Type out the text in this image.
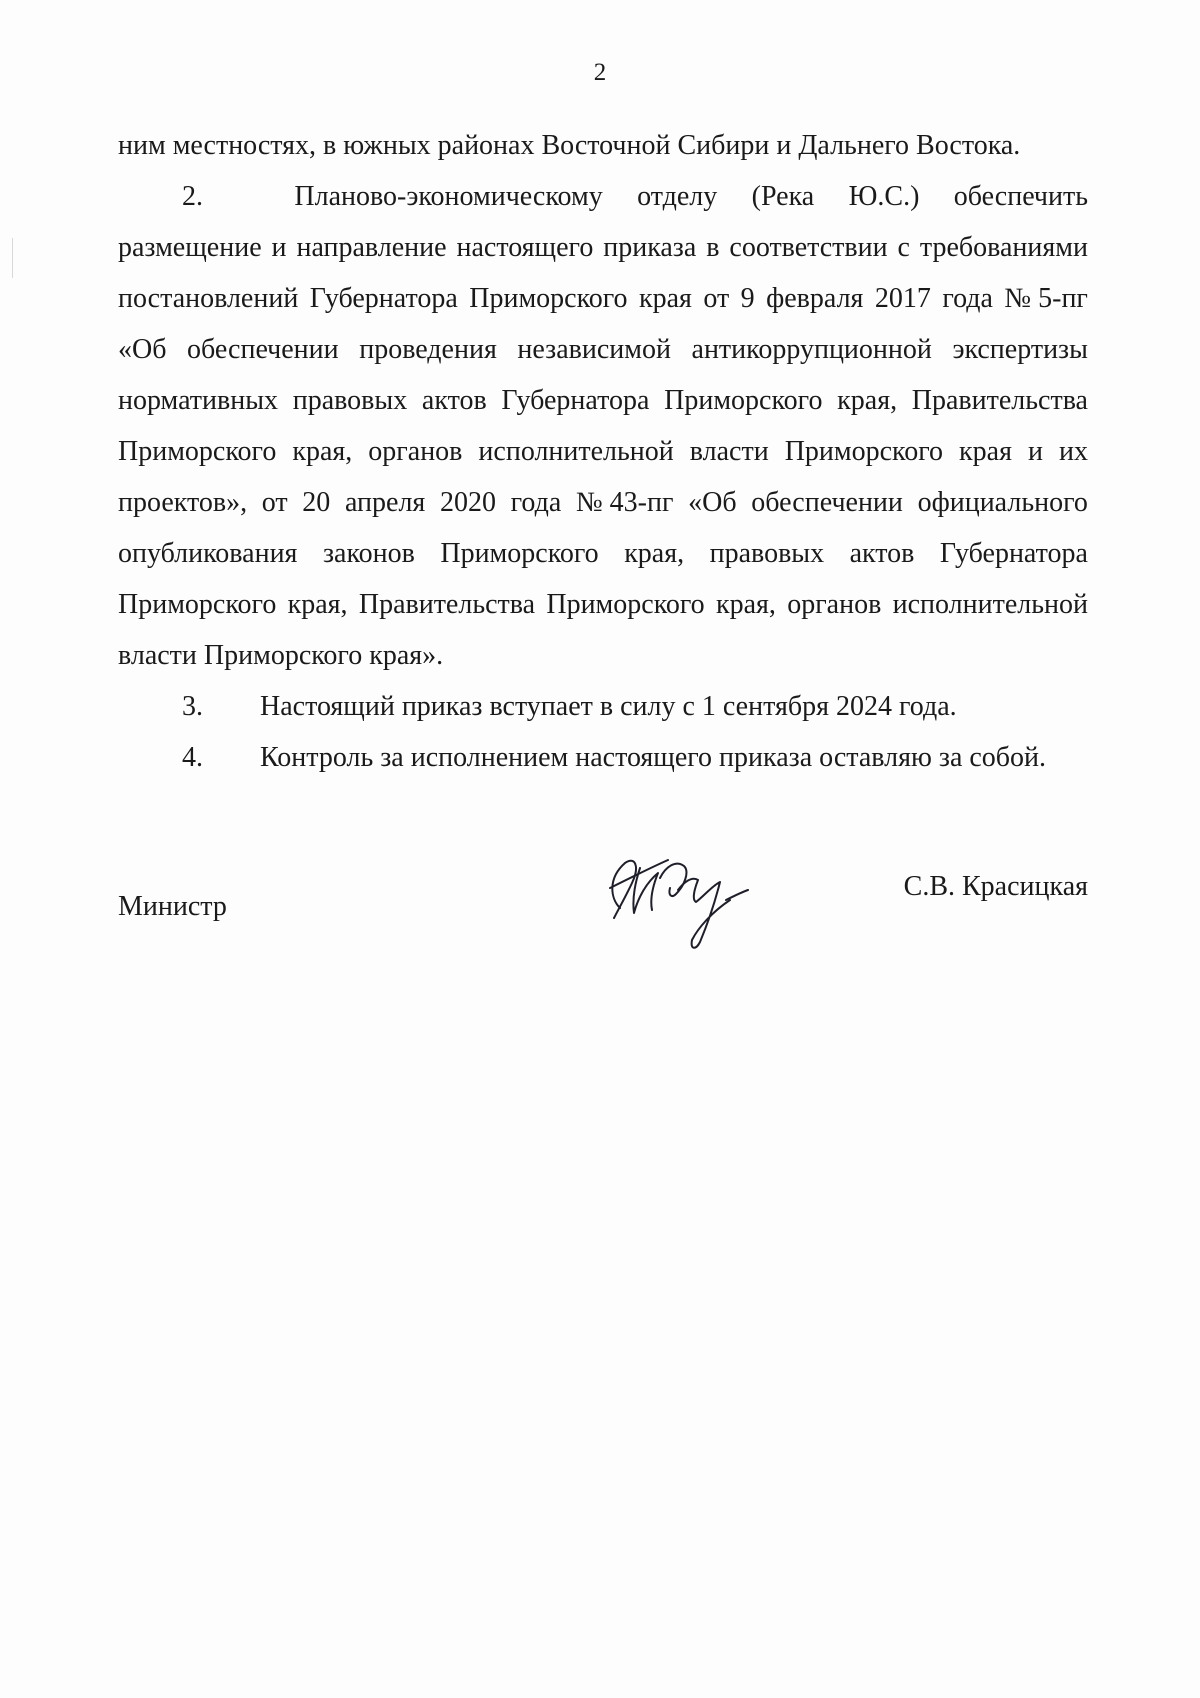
2
ним местностях, в южных районах Восточной Сибири и Дальнего Востока.
2.	Планово-экономическому отделу (Река Ю.С.) обеспечить
размещение и направление настоящего приказа в соответствии с требованиями
постановлений Губернатора Приморского края от 9 февраля 2017 года № 5-пг
«Об обеспечении проведения независимой антикоррупционной экспертизы
нормативных правовых актов Губернатора Приморского края, Правительства
Приморского края, органов исполнительной власти Приморского края и их
проектов», от 20 апреля 2020 года № 43-пг «Об обеспечении официального
опубликования законов Приморского края, правовых актов Губернатора
Приморского края, Правительства Приморского края, органов исполнительной
власти Приморского края».
3.	Настоящий приказ вступает в силу с 1 сентября 2024 года.
4.	Контроль за исполнением настоящего приказа оставляю за собой.
Министр
С.В. Красицкая
